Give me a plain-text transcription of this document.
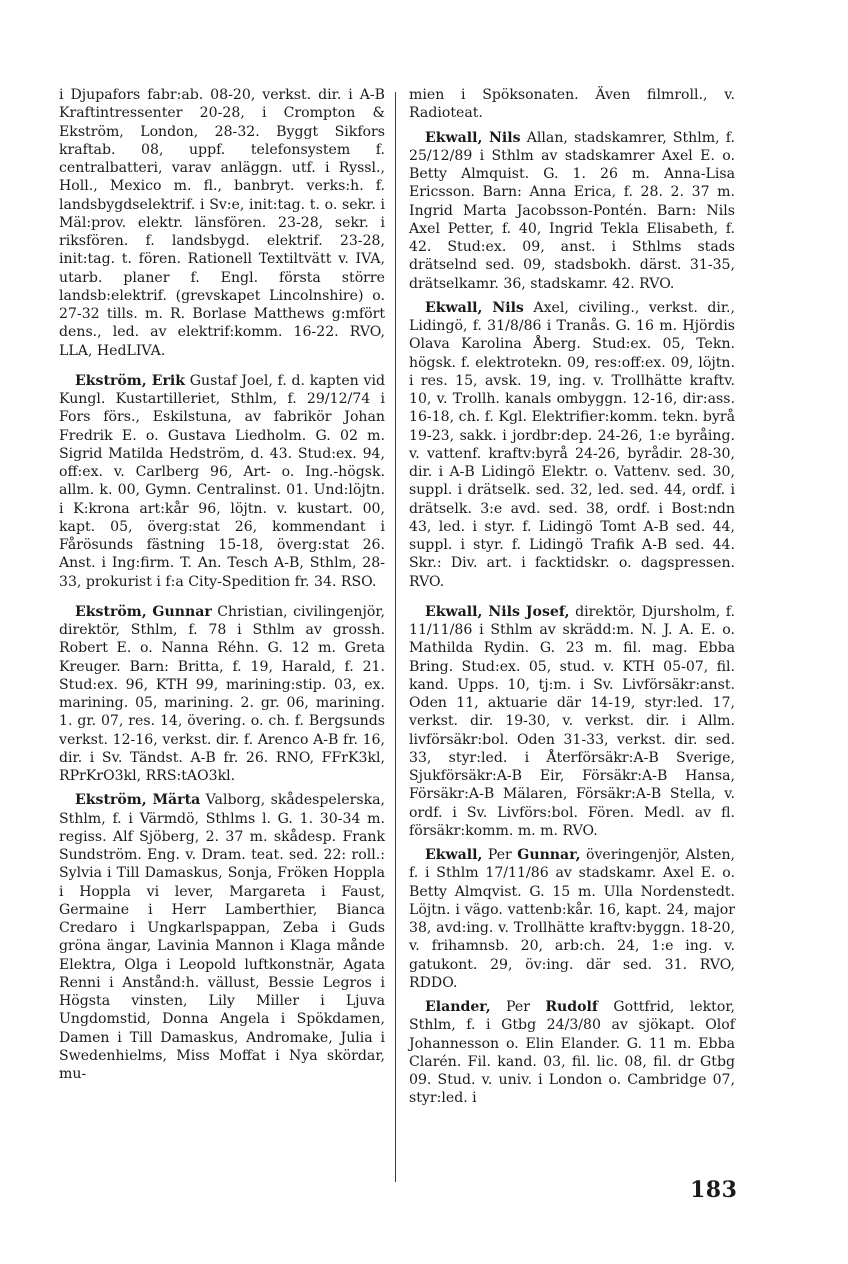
i Djupafors fabr:ab. 08-20, verkst. dir. i A-B Kraftintressenter 20-28, i Crompton & Ekström, London, 28-32. Byggt Sikfors kraftab. 08, uppf. telefonsystem f. centralbatteri, varav anläggn. utf. i Ryssl., Holl., Mexico m. fl., banbryt. verks:h. f. landsbygdselektrif. i Sv:e, init:tag. t. o. sekr. i Mäl:prov. elektr. länsfören. 23-28, sekr. i riksfören. f. landsbygd. elektrif. 23-28, init:tag. t. fören. Rationell Textiltvätt v. IVA, utarb. planer f. Engl. första större landsb:elektrif. (grevskapet Lincolnshire) o. 27-32 tills. m. R. Borlase Matthews g:mfört dens., led. av elektrif:komm. 16-22. RVO, LLA, HedLIVA.

Ekström, Erik Gustaf Joel, f. d. kapten vid Kungl. Kustartilleriet, Sthlm, f. 29/12/74 i Fors förs., Eskilstuna, av fabrikör Johan Fredrik E. o. Gustava Liedholm. G. 02 m. Sigrid Matilda Hedström, d. 43. Stud:ex. 94, off:ex. v. Carlberg 96, Art- o. Ing.-högsk. allm. k. 00, Gymn. Centralinst. 01. Und:löjtn. i K:krona art:kår 96, löjtn. v. kustart. 00, kapt. 05, överg:stat 26, kommendant i Fårösunds fästning 15-18, överg:stat 26. Anst. i Ing:firm. T. An. Tesch A-B, Sthlm, 28-33, prokurist i f:a City-Spedition fr. 34. RSO.

Ekström, Gunnar Christian, civilingenjör, direktör, Sthlm, f. 78 i Sthlm av grossh. Robert E. o. Nanna Réhn. G. 12 m. Greta Kreuger. Barn: Britta, f. 19, Harald, f. 21. Stud:ex. 96, KTH 99, marining:stip. 03, ex. marining. 05, marining. 2. gr. 06, marining. 1. gr. 07, res. 14, övering. o. ch. f. Bergsunds verkst. 12-16, verkst. dir. f. Arenco A-B fr. 16, dir. i Sv. Tändst. A-B fr. 26. RNO, FFrK3kl, RPrKrO3kl, RRS:tAO3kl.

Ekström, Märta Valborg, skådespelerska, Sthlm, f. i Värmdö, Sthlms l. G. 1. 30-34 m. regiss. Alf Sjöberg, 2. 37 m. skådesp. Frank Sundström. Eng. v. Dram. teat. sed. 22: roll.: Sylvia i Till Damaskus, Sonja, Fröken Hoppla i Hoppla vi lever, Margareta i Faust, Germaine i Herr Lamberthier, Bianca Credaro i Ungkarlspappan, Zeba i Guds gröna ängar, Lavinia Mannon i Klaga månde Elektra, Olga i Leopold luftkonstnär, Agata Renni i Anstånd:h. vällust, Bessie Legros i Högsta vinsten, Lily Miller i Ljuva Ungdomstid, Donna Angela i Spökdamen, Damen i Till Damaskus, Andromake, Julia i Swedenhielms, Miss Moffat i Nya skördar, mu-

mien i Spöksonaten. Även filmroll., v. Radioteat.

Ekwall, Nils Allan, stadskamrer, Sthlm, f. 25/12/89 i Sthlm av stadskamrer Axel E. o. Betty Almquist. G. 1. 26 m. Anna-Lisa Ericsson. Barn: Anna Erica, f. 28. 2. 37 m. Ingrid Marta Jacobsson-Pontén. Barn: Nils Axel Petter, f. 40, Ingrid Tekla Elisabeth, f. 42. Stud:ex. 09, anst. i Sthlms stads drätselnd sed. 09, stadsbokh. därst. 31-35, drätselkamr. 36, stadskamr. 42. RVO.

Ekwall, Nils Axel, civiling., verkst. dir., Lidingö, f. 31/8/86 i Tranås. G. 16 m. Hjördis Olava Karolina Åberg. Stud:ex. 05, Tekn. högsk. f. elektrotekn. 09, res:off:ex. 09, löjtn. i res. 15, avsk. 19, ing. v. Trollhätte kraftv. 10, v. Trollh. kanals ombyggn. 12-16, dir:ass. 16-18, ch. f. Kgl. Elektrifier:komm. tekn. byrå 19-23, sakk. i jordbr:dep. 24-26, 1:e byråing. v. vattenf. kraftv:byrå 24-26, byrådir. 28-30, dir. i A-B Lidingö Elektr. o. Vattenv. sed. 30, suppl. i drätselk. sed. 32, led. sed. 44, ordf. i drätselk. 3:e avd. sed. 38, ordf. i Bost:ndn 43, led. i styr. f. Lidingö Tomt A-B sed. 44, suppl. i styr. f. Lidingö Trafik A-B sed. 44. Skr.: Div. art. i facktidskr. o. dagspressen. RVO.

Ekwall, Nils Josef, direktör, Djursholm, f. 11/11/86 i Sthlm av skrädd:m. N. J. A. E. o. Mathilda Rydin. G. 23 m. fil. mag. Ebba Bring. Stud:ex. 05, stud. v. KTH 05-07, fil. kand. Upps. 10, tj:m. i Sv. Livförsäkr:anst. Oden 11, aktuarie där 14-19, styr:led. 17, verkst. dir. 19-30, v. verkst. dir. i Allm. livförsäkr:bol. Oden 31-33, verkst. dir. sed. 33, styr:led. i Återförsäkr:A-B Sverige, Sjukförsäkr:A-B Eir, Försäkr:A-B Hansa, Försäkr:A-B Mälaren, Försäkr:A-B Stella, v. ordf. i Sv. Livförs:bol. Fören. Medl. av fl. försäkr:komm. m. m. RVO.

Ekwall, Per Gunnar, överingenjör, Alsten, f. i Sthlm 17/11/86 av stadskamr. Axel E. o. Betty Almqvist. G. 15 m. Ulla Nordenstedt. Löjtn. i vägo. vattenb:kår. 16, kapt. 24, major 38, avd:ing. v. Trollhätte kraftv:byggn. 18-20, v. frihamnsb. 20, arb:ch. 24, 1:e ing. v. gatukont. 29, öv:ing. där sed. 31. RVO, RDDO.

Elander, Per Rudolf Gottfrid, lektor, Sthlm, f. i Gtbg 24/3/80 av sjökapt. Olof Johannesson o. Elin Elander. G. 11 m. Ebba Clarén. Fil. kand. 03, fil. lic. 08, fil. dr Gtbg 09. Stud. v. univ. i London o. Cambridge 07, styr:led. i

183
